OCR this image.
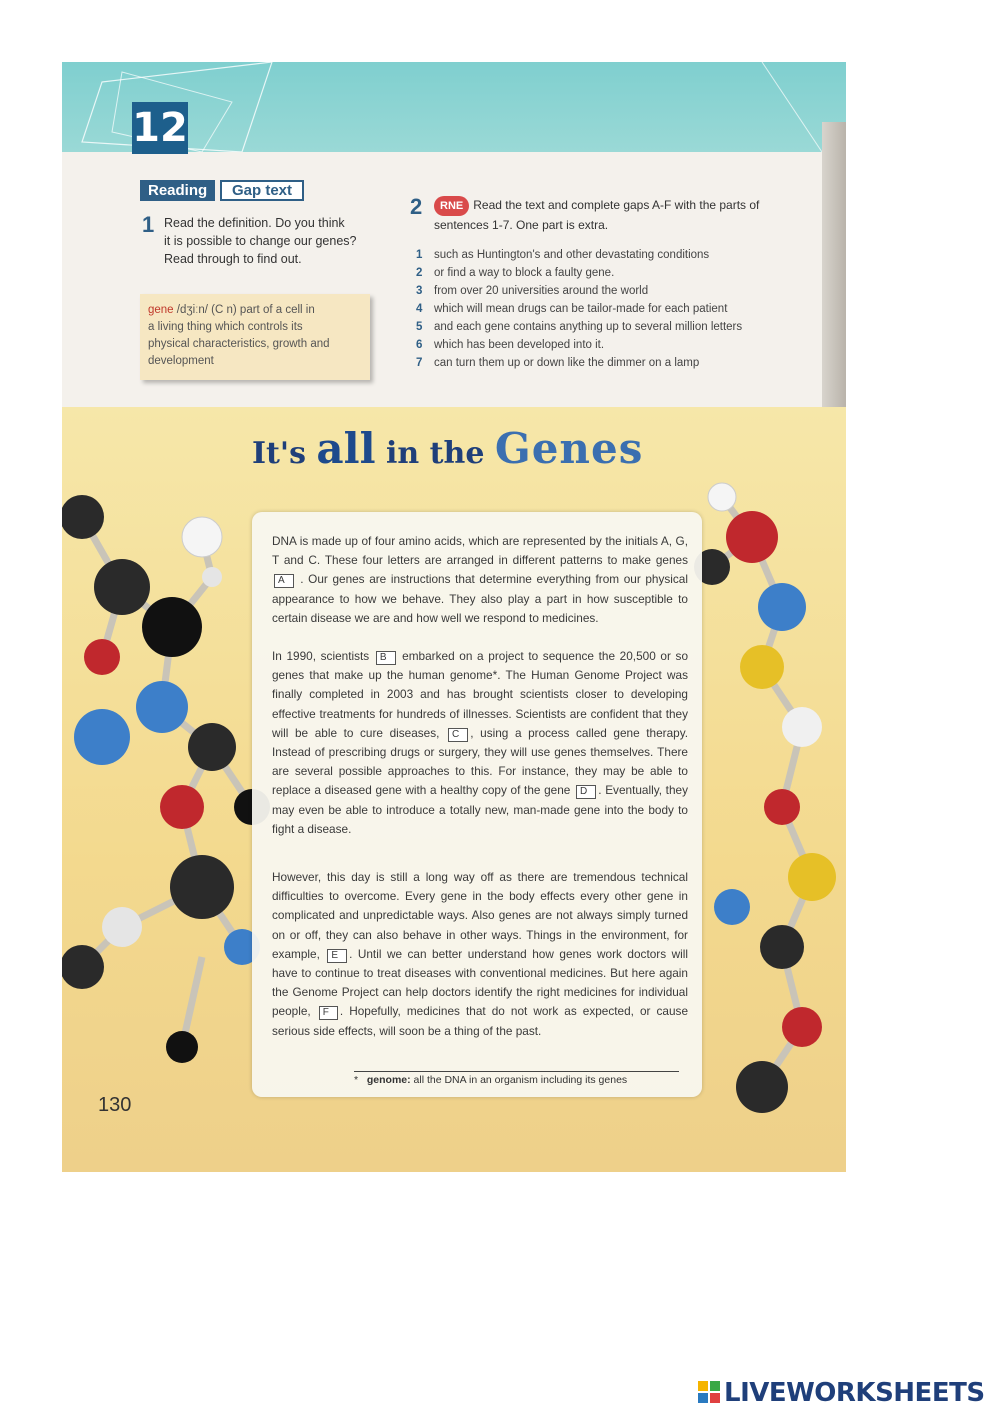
12
Reading	Gap text
1 Read the definition. Do you think
it is possible to change our genes?
Read through to find out.
gene /dʒiːn/ (C n) part of a cell in
a living thing which controls its
physical characteristics, growth and
development
2	RNE Read the text and complete gaps A-F with the parts of
sentences 1-7. One part is extra.
1 such as Huntington's and other devastating conditions
2 or find a way to block a faulty gene.
3 from over 20 universities around the world
4 which will mean drugs can be tailor-made for each patient
5 and each gene contains anything up to several million letters
6 which has been developed into it.
7 can turn them up or down like the dimmer on a lamp
It's all in the Genes

DNA is made up of four amino acids, which are represented by the initials A, G, T and C. These four letters are arranged in different patterns to make genes A . Our genes are instructions that determine everything from our physical appearance to how we behave. They also play a part in how susceptible to certain disease we are and how well we respond to medicines.

In 1990, scientists B embarked on a project to sequence the 20,500 or so genes that make up the human genome*. The Human Genome Project was finally completed in 2003 and has brought scientists closer to developing effective treatments for hundreds of illnesses. Scientists are confident that they will be able to cure diseases, C , using a process called gene therapy. Instead of prescribing drugs or surgery, they will use genes themselves. There are several possible approaches to this. For instance, they may be able to replace a diseased gene with a healthy copy of the gene D . Eventually, they may even be able to introduce a totally new, man-made gene into the body to fight a disease.

However, this day is still a long way off as there are tremendous technical difficulties to overcome. Every gene in the body effects every other gene in complicated and unpredictable ways. Also genes are not always simply turned on or off, they can also behave in other ways. Things in the environment, for example, E . Until we can better understand how genes work doctors will have to continue to treat diseases with conventional medicines. But here again the Genome Project can help doctors identify the right medicines for individual people, F . Hopefully, medicines that do not work as expected, or cause serious side effects, will soon be a thing of the past.

* genome: all the DNA in an organism including its genes
130
LIVEWORKSHEETS
